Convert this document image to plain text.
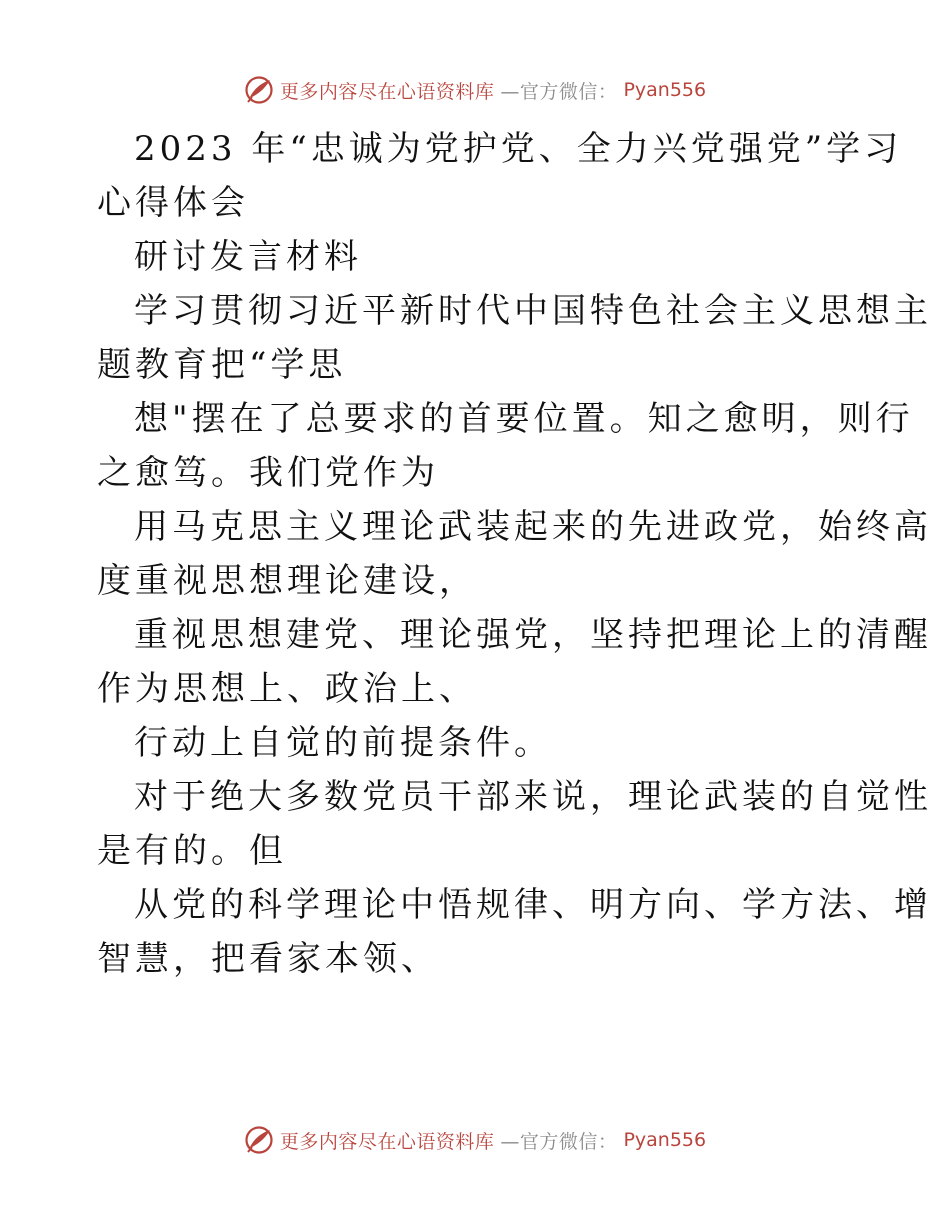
更多内容尽在心语资料库 —官方微信： Pyan556
2023 年“忠诚为党护党、全力兴党强党”学习
心得体会
研讨发言材料
学习贯彻习近平新时代中国特色社会主义思想主
题教育把“学思
想"摆在了总要求的首要位置。知之愈明，则行
之愈笃。我们党作为
用马克思主义理论武装起来的先进政党，始终高
度重视思想理论建设，
重视思想建党、理论强党，坚持把理论上的清醒
作为思想上、政治上、
行动上自觉的前提条件。
对于绝大多数党员干部来说，理论武装的自觉性
是有的。但
从党的科学理论中悟规律、明方向、学方法、增
智慧，把看家本领、
更多内容尽在心语资料库 —官方微信： Pyan556
